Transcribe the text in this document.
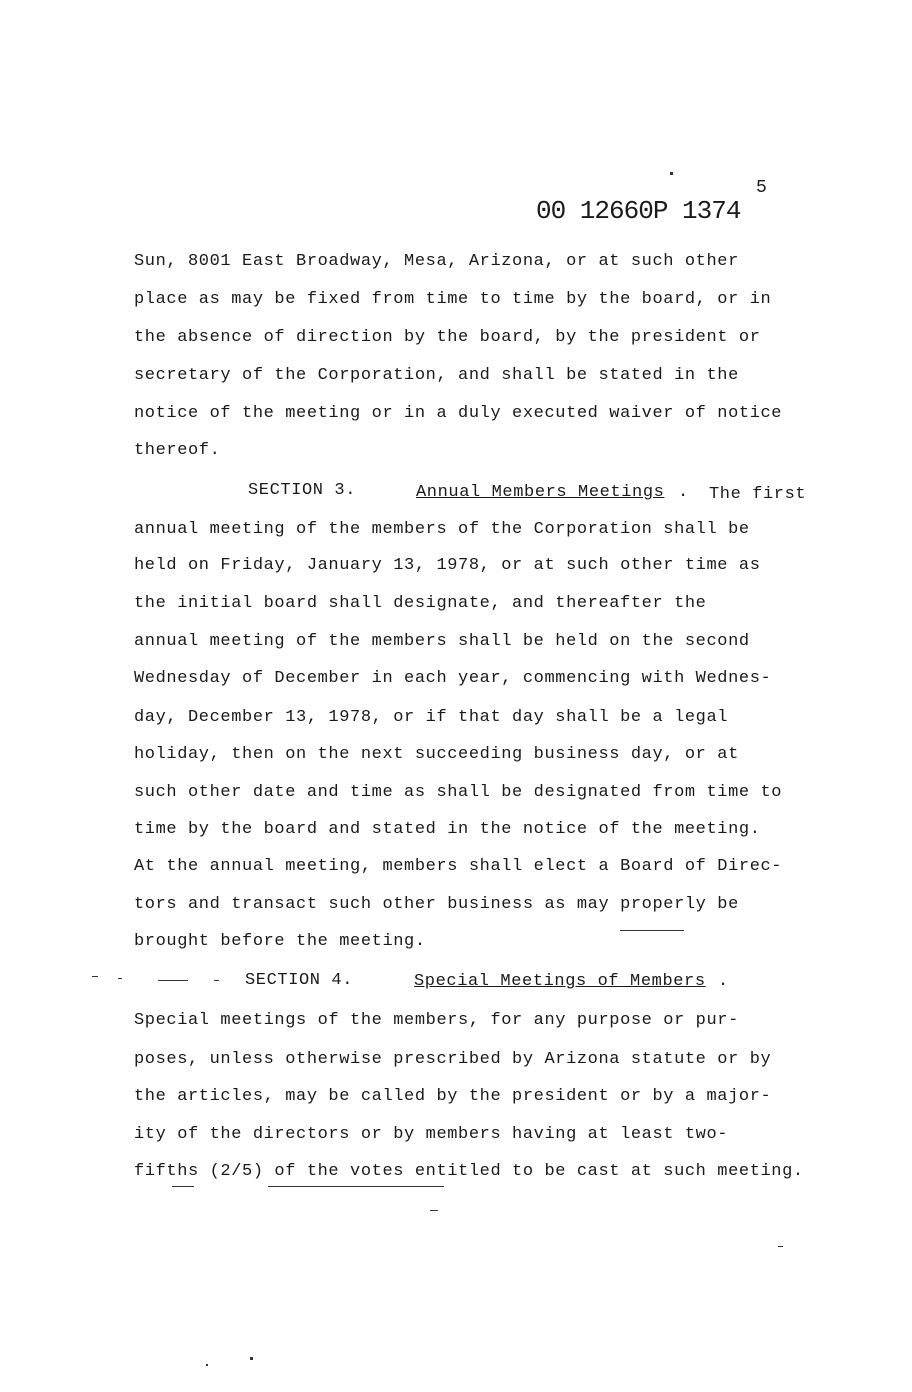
5
00 12660P 1374
Sun, 8001 East Broadway, Mesa, Arizona, or at such other
place as may be fixed from time to time by the board, or in
the absence of direction by the board, by the president or
secretary of the Corporation, and shall be stated in the
notice of the meeting or in a duly executed waiver of notice
thereof.
SECTION 3.	Annual Members Meetings . The first
annual meeting of the members of the Corporation shall be
held on Friday, January 13, 1978, or at such other time as
the initial board shall designate, and thereafter the
annual meeting of the members shall be held on the second
Wednesday of December in each year, commencing with Wednes-
day, December 13, 1978, or if that day shall be a legal
holiday, then on the next succeeding business day, or at
such other date and time as shall be designated from time to
time by the board and stated in the notice of the meeting.
At the annual meeting, members shall elect a Board of Direc-
tors and transact such other business as may properly be
brought before the meeting.
SECTION 4.	Special Meetings of Members .
Special meetings of the members, for any purpose or pur-
poses, unless otherwise prescribed by Arizona statute or by
the articles, may be called by the president or by a major-
ity of the directors or by members having at least two-
fifths (2/5) of the votes entitled to be cast at such meeting.
